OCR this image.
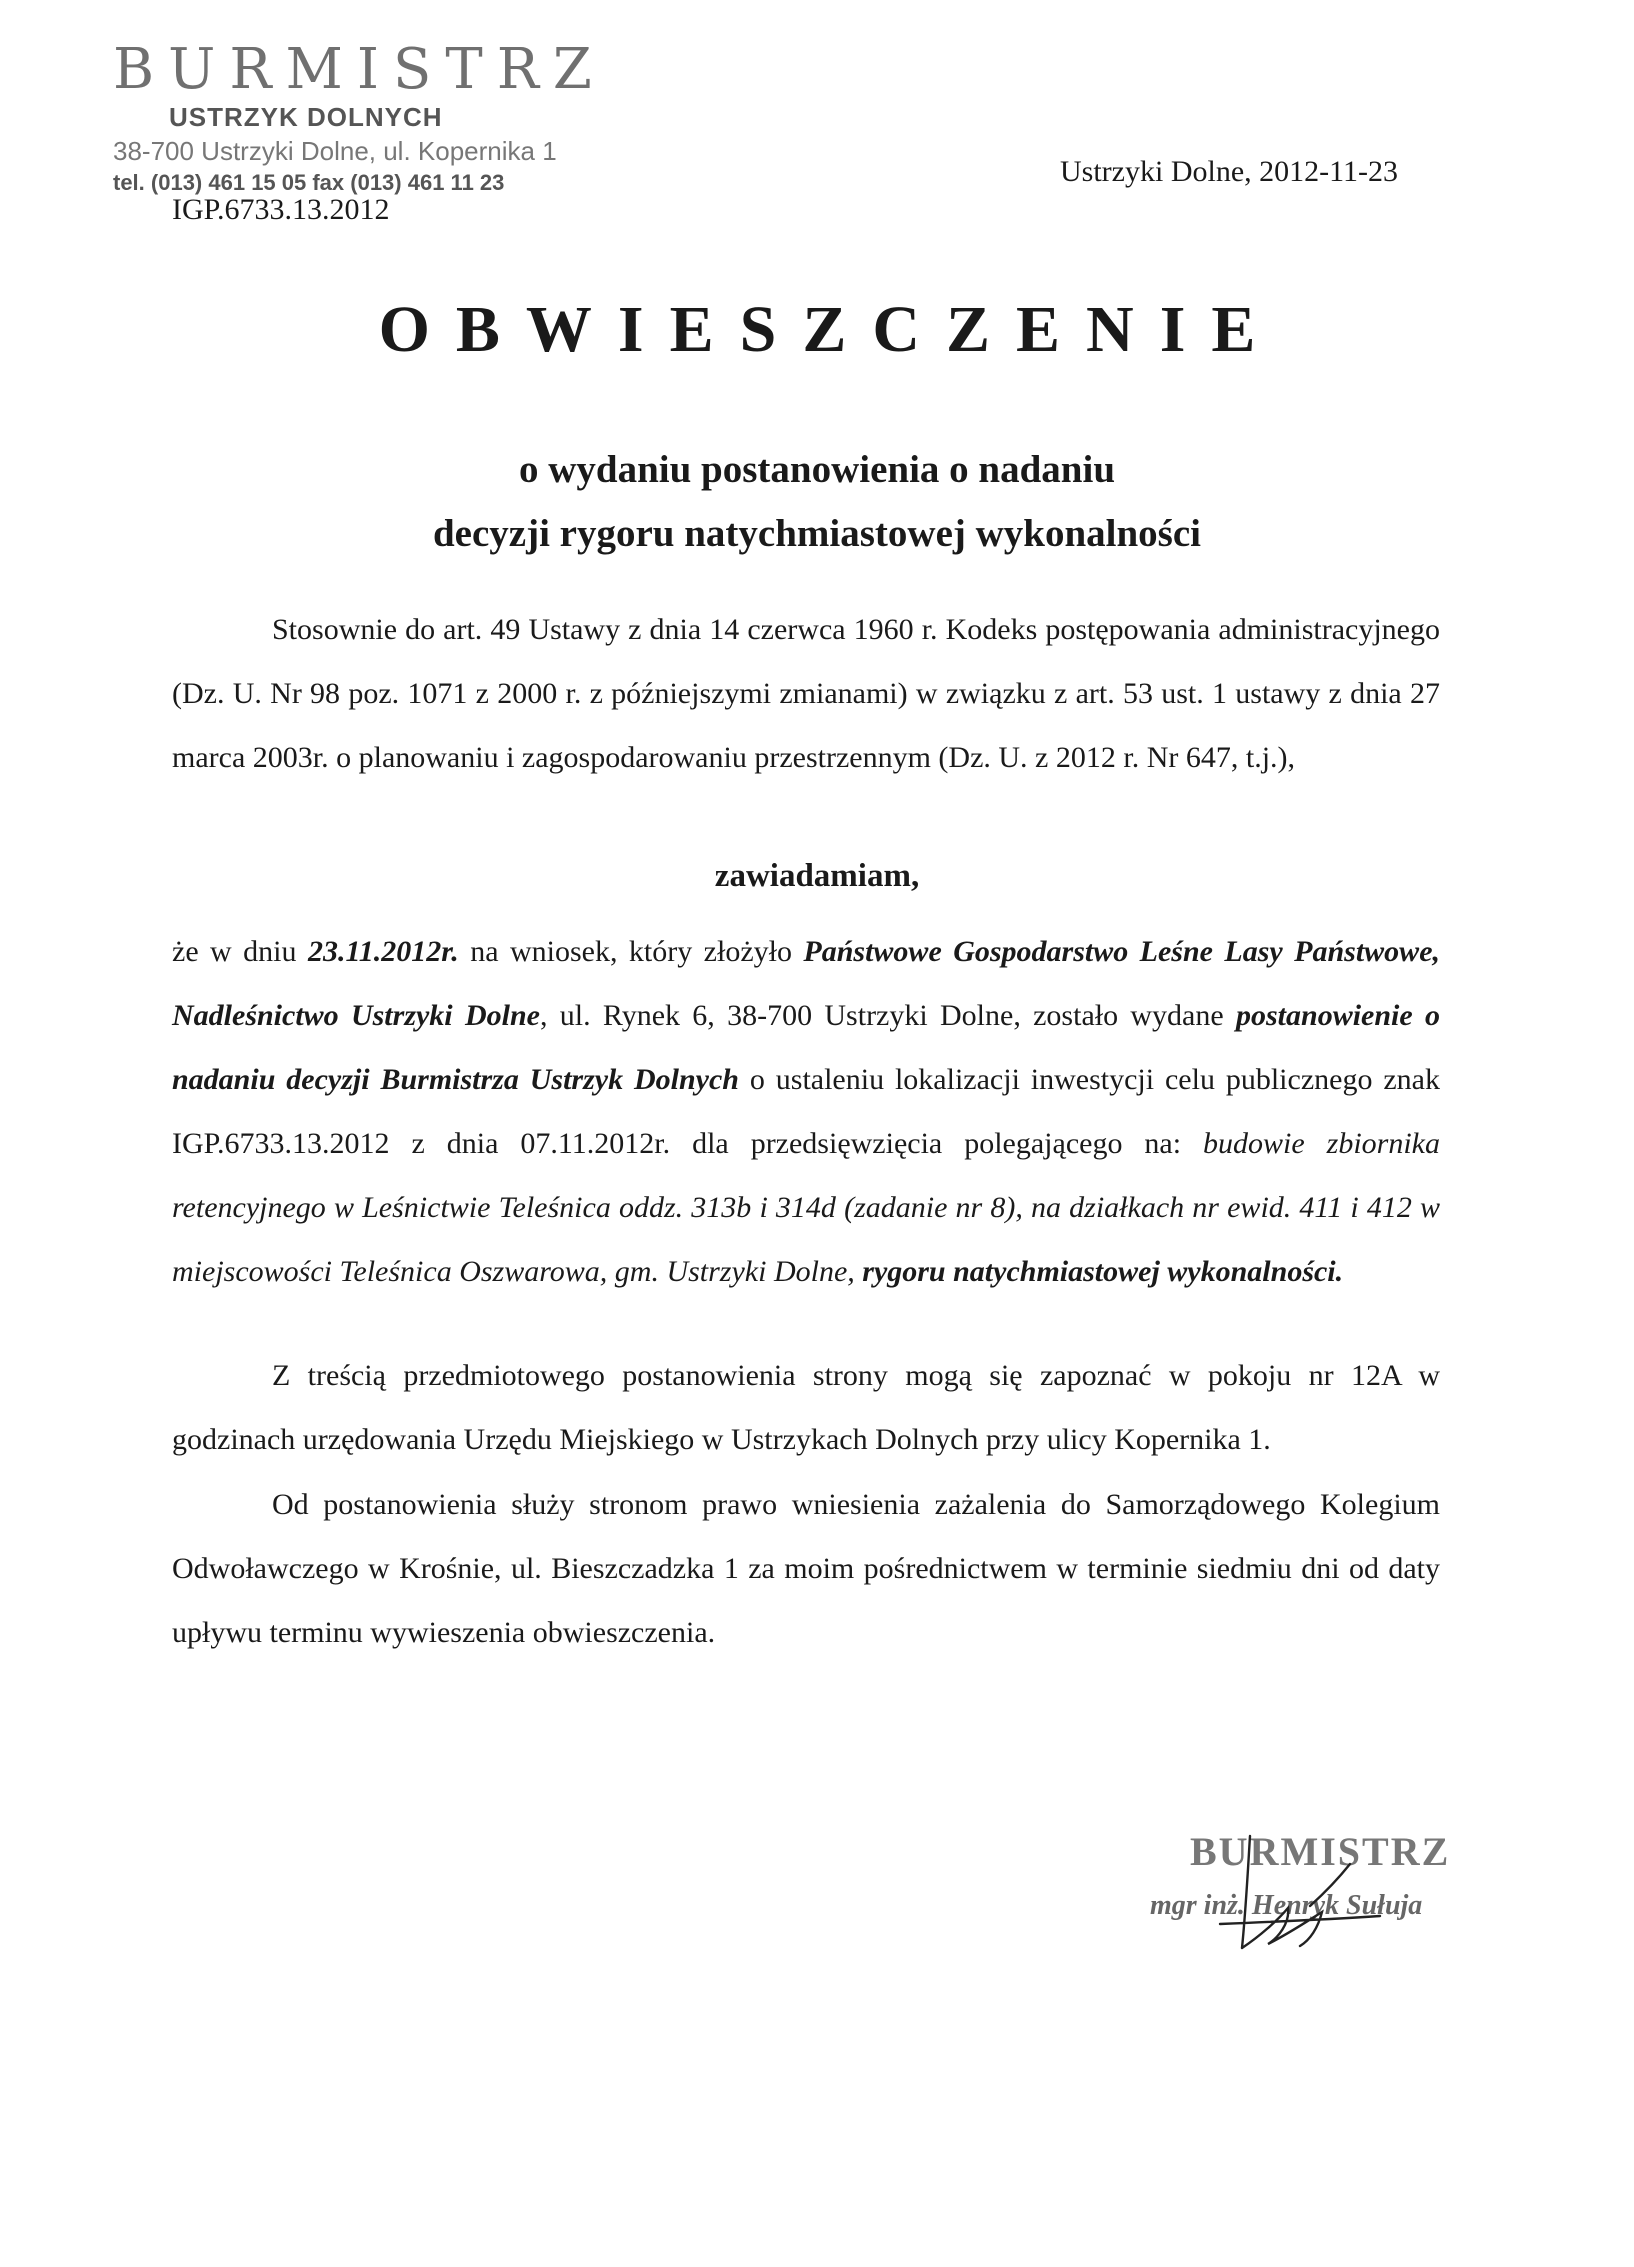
BURMISTRZ
USTRZYK DOLNYCH
38-700 Ustrzyki Dolne, ul. Kopernika 1
tel. (013) 461 15 05 fax (013) 461 11 23
IGP.6733.13.2012
Ustrzyki Dolne, 2012-11-23
OBWIESZCZENIE
o wydaniu postanowienia o nadaniu
decyzji rygoru natychmiastowej wykonalności

Stosownie do art. 49 Ustawy z dnia 14 czerwca 1960 r. Kodeks postępowania administracyjnego (Dz. U. Nr 98 poz. 1071 z 2000 r. z późniejszymi zmianami) w związku z art. 53 ust. 1 ustawy z dnia 27 marca 2003r. o planowaniu i zagospodarowaniu przestrzennym (Dz. U. z 2012 r. Nr 647, t.j.),

zawiadamiam,

że w dniu 23.11.2012r. na wniosek, który złożyło Państwowe Gospodarstwo Leśne Lasy Państwowe, Nadleśnictwo Ustrzyki Dolne, ul. Rynek 6, 38-700 Ustrzyki Dolne, zostało wydane postanowienie o nadaniu decyzji Burmistrza Ustrzyk Dolnych o ustaleniu lokalizacji inwestycji celu publicznego znak IGP.6733.13.2012 z dnia 07.11.2012r. dla przedsięwzięcia polegającego na: budowie zbiornika retencyjnego w Leśnictwie Teleśnica oddz. 313b i 314d (zadanie nr 8), na działkach nr ewid. 411 i 412 w miejscowości Teleśnica Oszwarowa, gm. Ustrzyki Dolne, rygoru natychmiastowej wykonalności.

Z treścią przedmiotowego postanowienia strony mogą się zapoznać w pokoju nr 12A w godzinach urzędowania Urzędu Miejskiego w Ustrzykach Dolnych przy ulicy Kopernika 1.

Od postanowienia służy stronom prawo wniesienia zażalenia do Samorządowego Kolegium Odwoławczego w Krośnie, ul. Bieszczadzka 1 za moim pośrednictwem w terminie siedmiu dni od daty upływu terminu wywieszenia obwieszczenia.

BURMISTRZ
mgr inż. Henryk Sułuja
